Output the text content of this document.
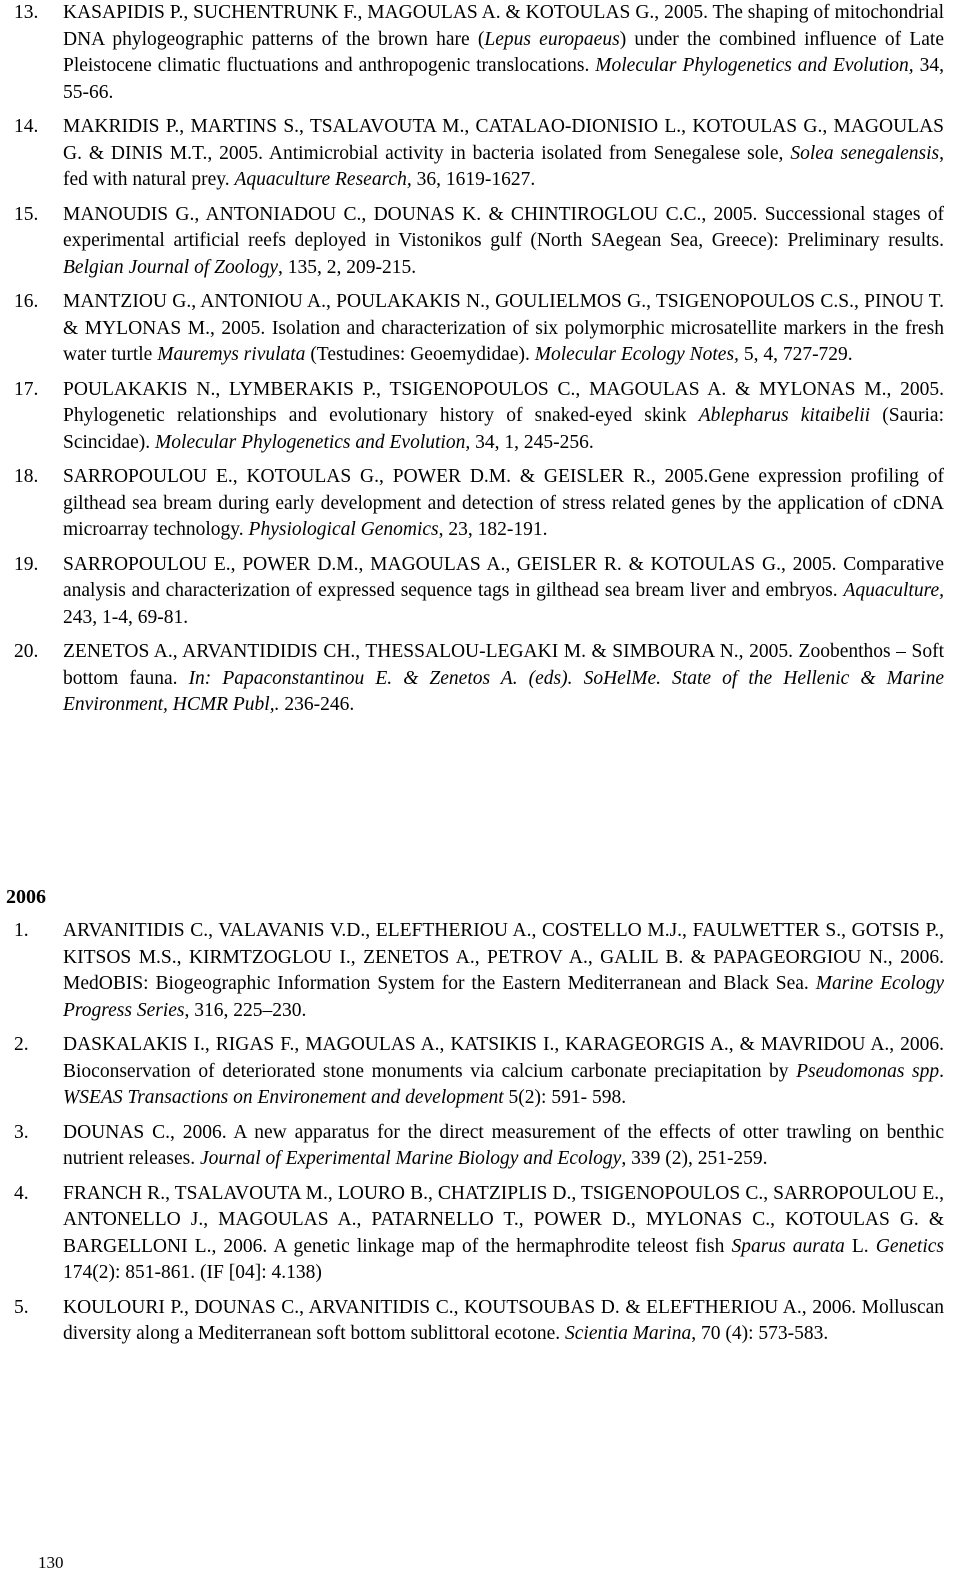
13.	KASAPIDIS P., SUCHENTRUNK F., MAGOULAS A. & KOTOULAS G., 2005. The shaping of mitochondrial DNA phylogeographic patterns of the brown hare (Lepus europaeus) under the combined influence of Late Pleistocene climatic fluctuations and anthropogenic translocations. Molecular Phylogenetics and Evolution, 34, 55-66.
14.	MAKRIDIS P., MARTINS S., TSALAVOUTA M., CATALAO-DIONISIO L., KOTOULAS G., MAGOULAS G. & DINIS M.T., 2005. Antimicrobial activity in bacteria isolated from Senegalese sole, Solea senegalensis, fed with natural prey. Aquaculture Research, 36, 1619-1627.
15.	MANOUDIS G., ANTONIADOU C., DOUNAS K. & CHINTIROGLOU C.C., 2005. Successional stages of experimental artificial reefs deployed in Vistonikos gulf (North SAegean Sea, Greece): Preliminary results. Belgian Journal of Zoology, 135, 2, 209-215.
16.	MANTZIOU G., ANTONIOU A., POULAKAKIS N., GOULIELMOS G., TSIGENOPOULOS C.S., PINOU T. & MYLONAS M., 2005. Isolation and characterization of six polymorphic microsatellite markers in the fresh water turtle Mauremys rivulata (Testudines: Geoemydidae). Molecular Ecology Notes, 5, 4, 727-729.
17.	POULAKAKIS N., LYMBERAKIS P., TSIGENOPOULOS C., MAGOULAS A. & MYLONAS M., 2005. Phylogenetic relationships and evolutionary history of snaked-eyed skink Ablepharus kitaibelii (Sauria: Scincidae). Molecular Phylogenetics and Evolution, 34, 1, 245-256.
18.	SARROPOULOU E., KOTOULAS G., POWER D.M. & GEISLER R., 2005.Gene expression profiling of gilthead sea bream during early development and detection of stress related genes by the application of cDNA microarray technology. Physiological Genomics, 23, 182-191.
19.	SARROPOULOU E., POWER D.M., MAGOULAS A., GEISLER R. & KOTOULAS G., 2005. Comparative analysis and characterization of expressed sequence tags in gilthead sea bream liver and embryos. Aquaculture, 243, 1-4, 69-81.
20.	ZENETOS A., ARVANTIDIDIS CH., THESSALOU-LEGAKI M. & SIMBOURA N., 2005. Zoobenthos – Soft bottom fauna. In: Papaconstantinou E. & Zenetos A. (eds). SoHelMe. State of the Hellenic & Marine Environment, HCMR Publ,. 236-246.
2006
1.	ARVANITIDIS C., VALAVANIS V.D., ELEFTHERIOU A., COSTELLO M.J., FAULWETTER S., GOTSIS P., KITSOS M.S., KIRMTZOGLOU I., ZENETOS A., PETROV A., GALIL B. & PAPAGEORGIOU N., 2006. MedOBIS: Biogeographic Information System for the Eastern Mediterranean and Black Sea. Marine Ecology Progress Series, 316, 225–230.
2.	DASKALAKIS I., RIGAS F., MAGOULAS A., KATSIKIS I., KARAGEORGIS A., & MAVRIDOU A., 2006. Bioconservation of deteriorated stone monuments via calcium carbonate preciapitation by Pseudomonas spp. WSEAS Transactions on Environement and development 5(2): 591- 598.
3.	DOUNAS C., 2006. A new apparatus for the direct measurement of the effects of otter trawling on benthic nutrient releases. Journal of Experimental Marine Biology and Ecology, 339 (2), 251-259.
4.	FRANCH R., TSALAVOUTA M., LOURO B., CHATZIPLIS D., TSIGENOPOULOS C., SARROPOULOU E., ANTONELLO J., MAGOULAS A., PATARNELLO T., POWER D., MYLONAS C., KOTOULAS G. & BARGELLONI L., 2006. A genetic linkage map of the hermaphrodite teleost fish Sparus aurata L. Genetics 174(2): 851-861. (IF [04]: 4.138)
5.	KOULOURI P., DOUNAS C., ARVANITIDIS C., KOUTSOUBAS D. & ELEFTHERIOU A., 2006. Molluscan diversity along a Mediterranean soft bottom sublittoral ecotone. Scientia Marina, 70 (4): 573-583.
130
